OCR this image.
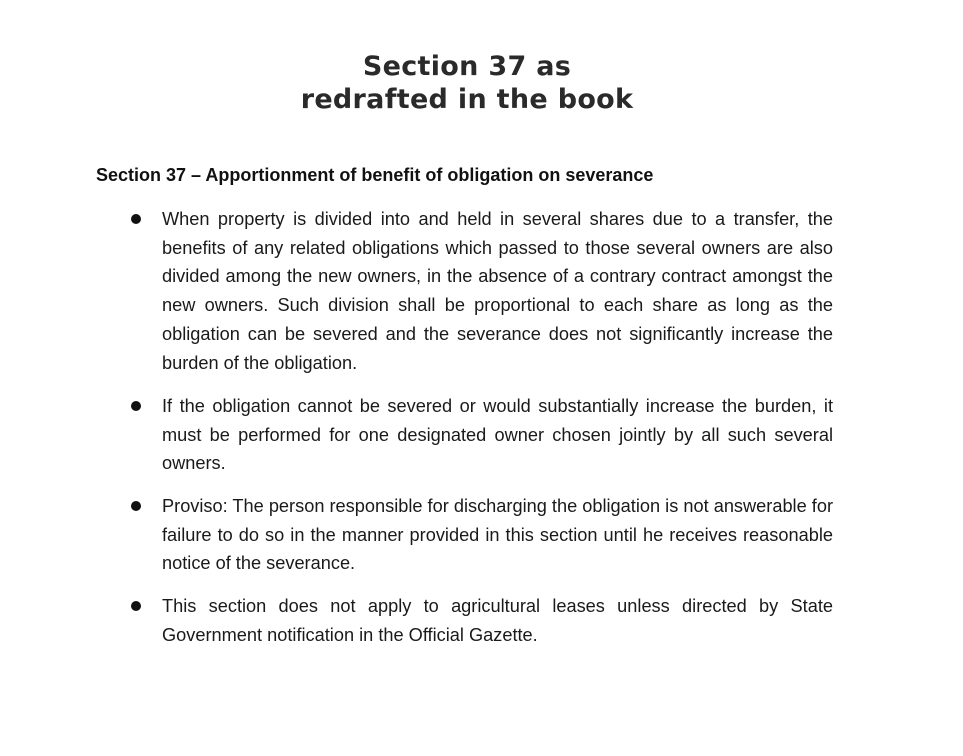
Section 37 as
redrafted in the book
Section 37 – Apportionment of benefit of obligation on severance
When property is divided into and held in several shares due to a transfer, the benefits of any related obligations which passed to those several owners are also divided among the new owners, in the absence of a contrary contract amongst the new owners. Such division shall be proportional to each share as long as the obligation can be severed and the severance does not significantly increase the burden of the obligation.
If the obligation cannot be severed or would substantially increase the burden, it must be performed for one designated owner chosen jointly by all such several owners.
Proviso: The person responsible for discharging the obligation is not answerable for failure to do so in the manner provided in this section until he receives reasonable notice of the severance.
This section does not apply to agricultural leases unless directed by State Government notification in the Official Gazette.
